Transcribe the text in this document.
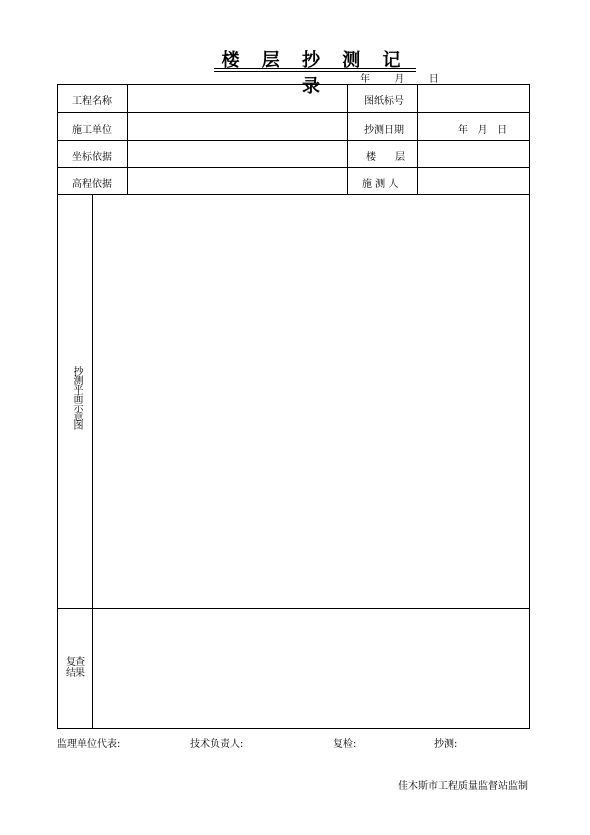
楼 层 抄 测 记 录	年 月 日
工程名称	图纸标号
施工单位	抄测日期	年   月   日
坐标依据	楼      层
高程依据	施 测 人
抄测平面示意图
复查结果
监理单位代表:	技术负责人:	复检:	抄测:
佳木斯市工程质量监督站监制
